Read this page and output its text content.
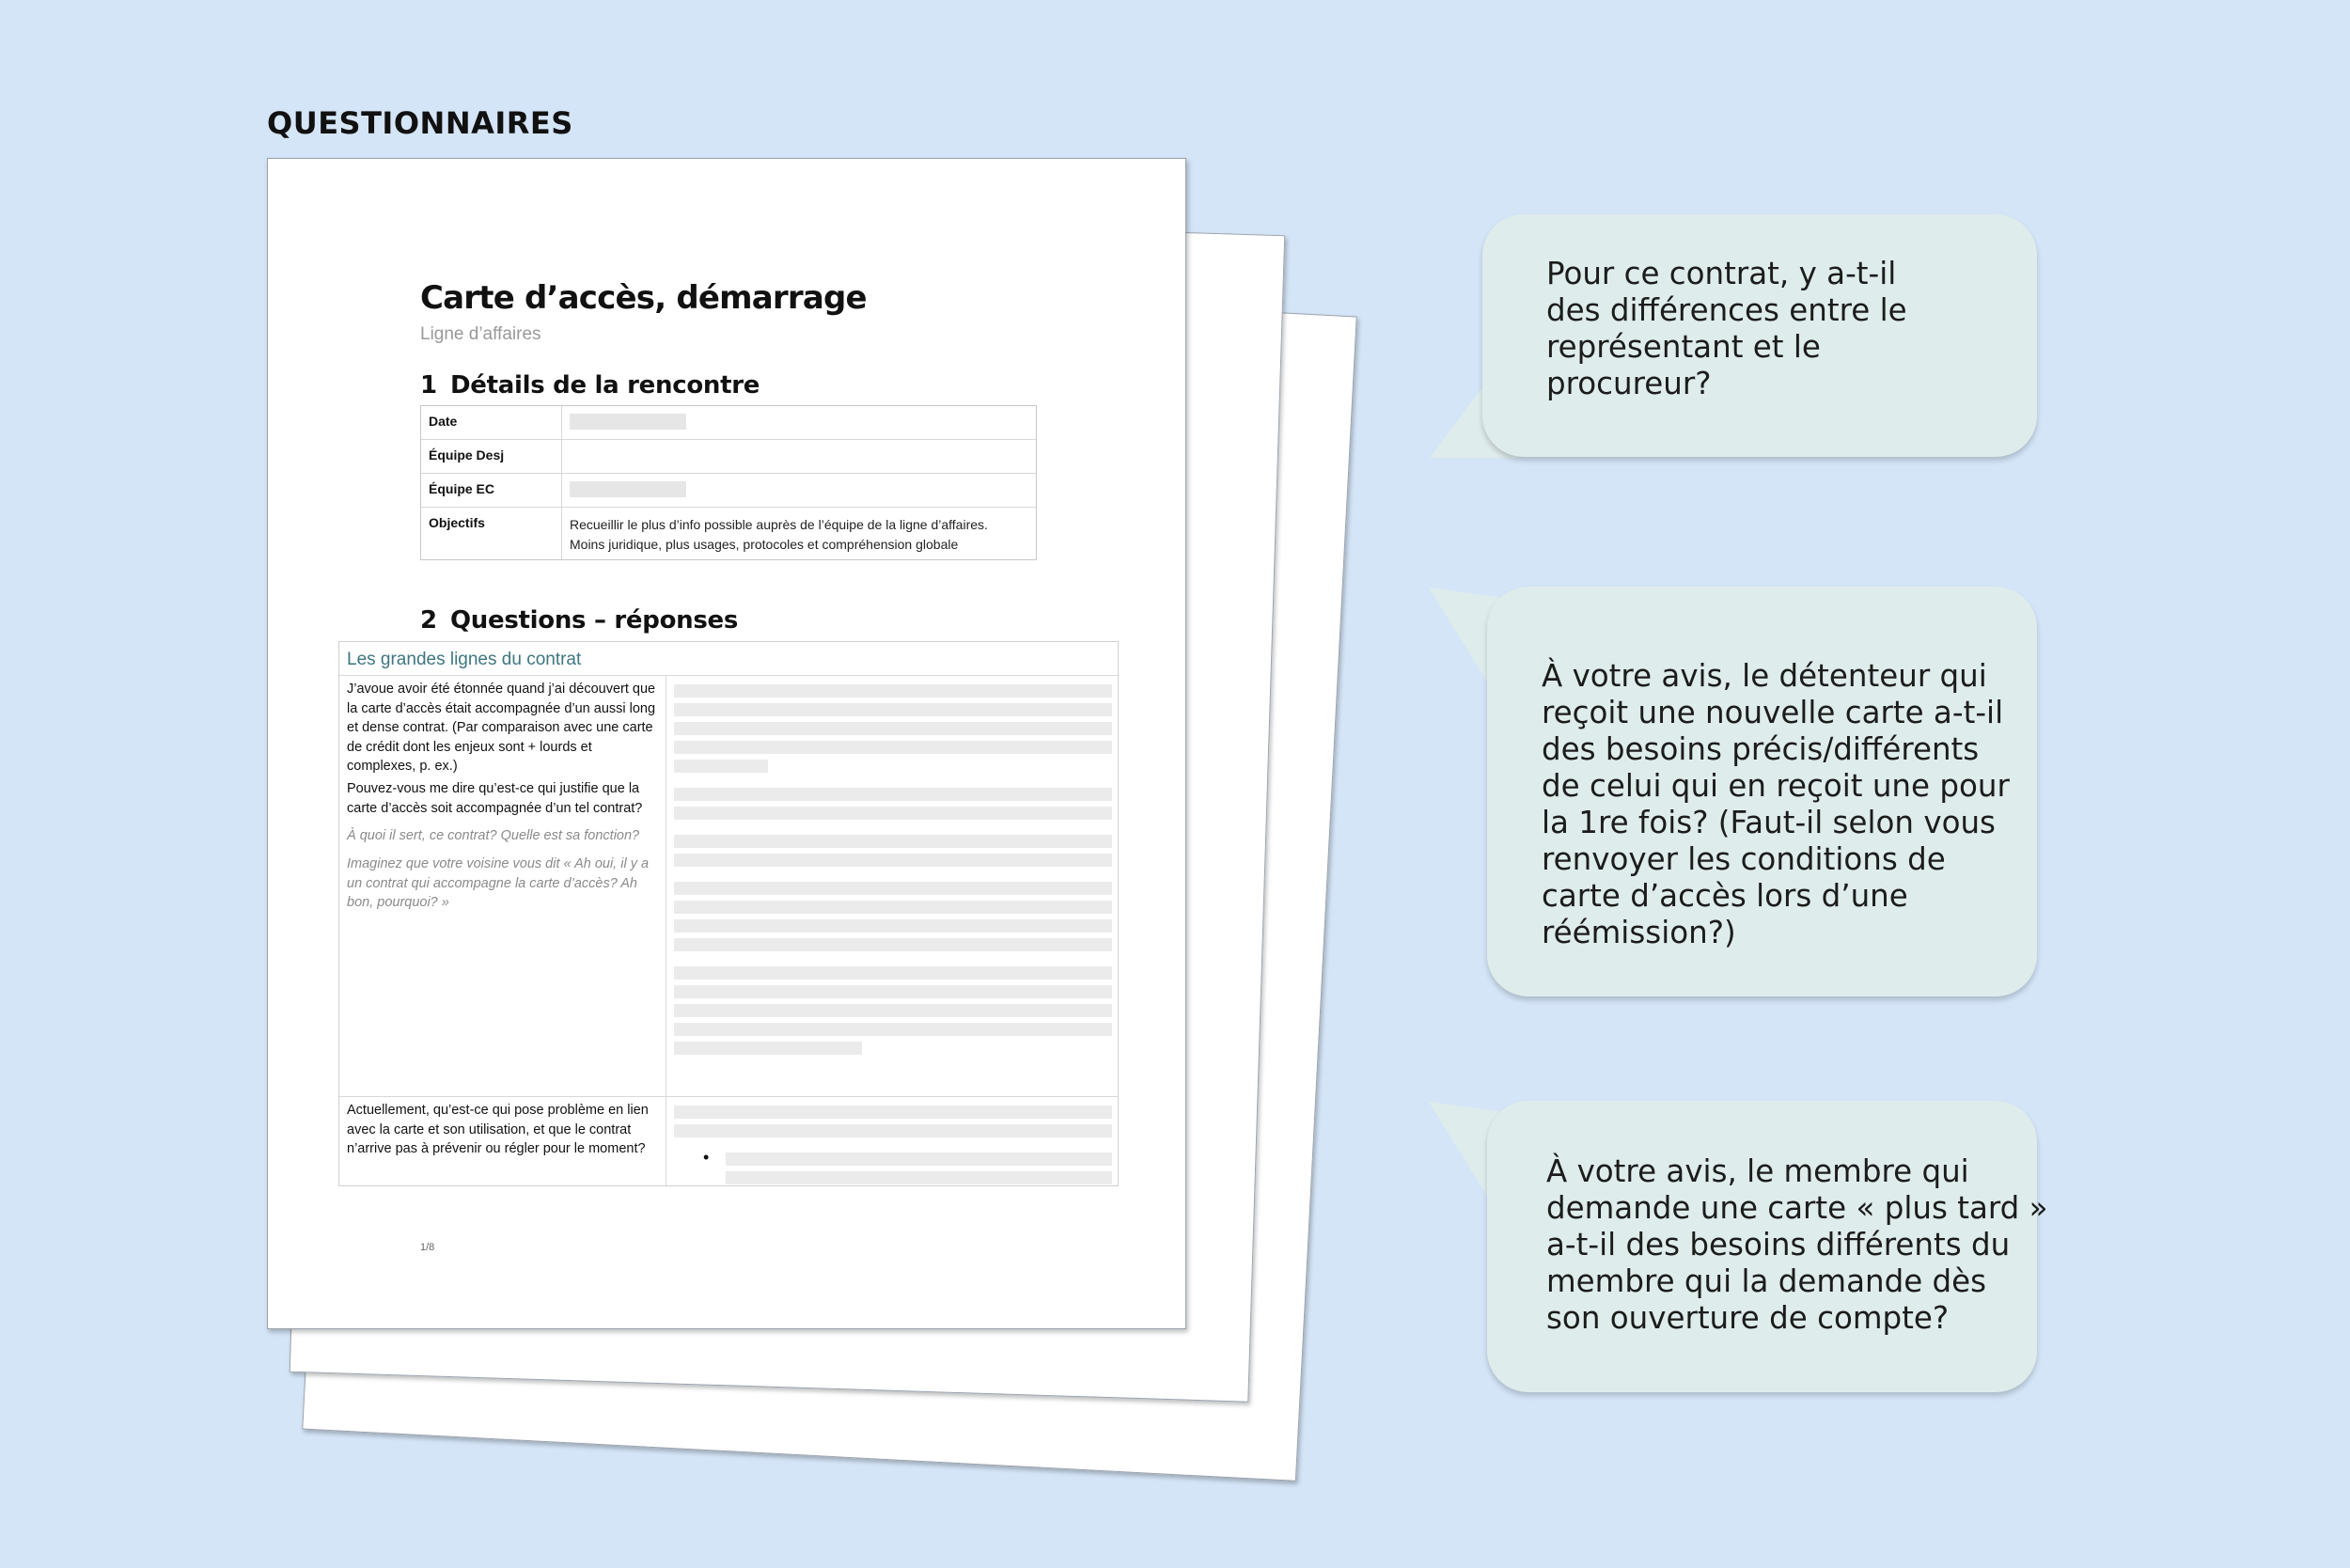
QUESTIONNAIRES
Carte d’accès, démarrage
Ligne d’affaires
1 Détails de la rencontre
Date
Équipe Desj
Équipe EC
Objectifs	Recueillir le plus d’info possible auprès de l’équipe de la ligne d’affaires.
Moins juridique, plus usages, protocoles et compréhension globale
2 Questions – réponses
Les grandes lignes du contrat
J’avoue avoir été étonnée quand j’ai découvert que la carte d’accès était accompagnée d’un aussi long et dense contrat. (Par comparaison avec une carte de crédit dont les enjeux sont + lourds et complexes, p. ex.)
Pouvez-vous me dire qu’est-ce qui justifie que la carte d’accès soit accompagnée d’un tel contrat?
À quoi il sert, ce contrat? Quelle est sa fonction?
Imaginez que votre voisine vous dit « Ah oui, il y a un contrat qui accompagne la carte d’accès? Ah bon, pourquoi? »
Actuellement, qu’est-ce qui pose problème en lien avec la carte et son utilisation, et que le contrat n’arrive pas à prévenir ou régler pour le moment?	•
1/8
Pour ce contrat, y a-t-il
des différences entre le
représentant et le
procureur?
À votre avis, le détenteur qui
reçoit une nouvelle carte a-t-il
des besoins précis/différents
de celui qui en reçoit une pour
la 1re fois? (Faut-il selon vous
renvoyer les conditions de
carte d’accès lors d’une
réémission?)
À votre avis, le membre qui
demande une carte « plus tard »
a-t-il des besoins différents du
membre qui la demande dès
son ouverture de compte?
